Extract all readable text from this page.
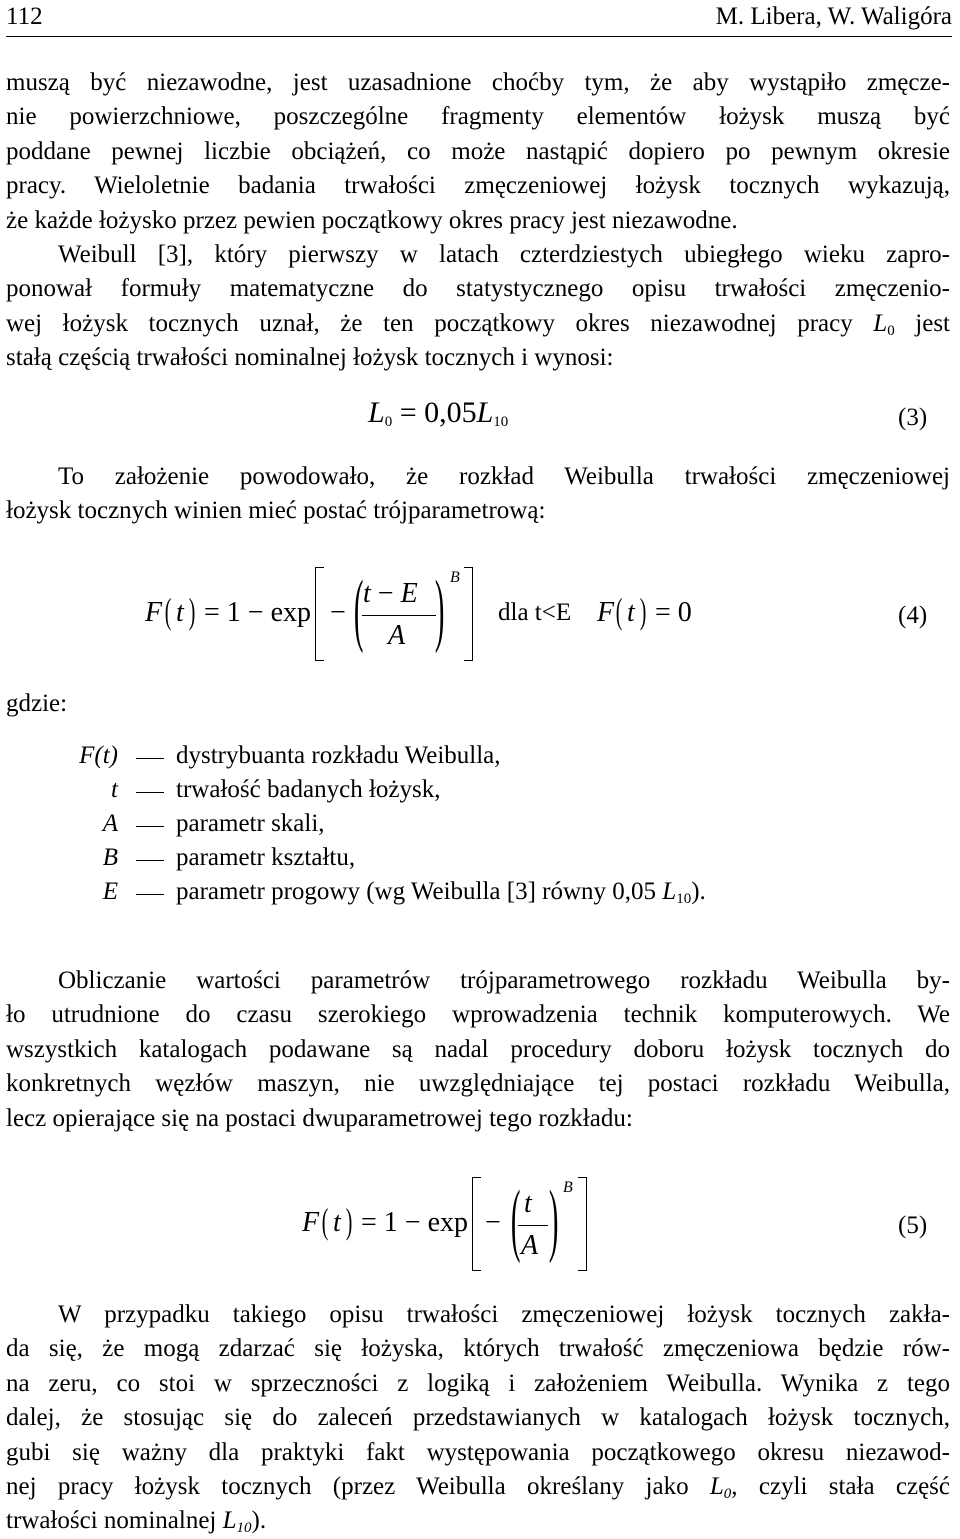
112	M. Libera, W. Waligóra
muszą być niezawodne, jest uzasadnione choćby tym, że aby wystąpiło zmęcze-
nie powierzchniowe, poszczególne fragmenty elementów łożysk muszą być
poddane pewnej liczbie obciążeń, co może nastąpić dopiero po pewnym okresie
pracy. Wieloletnie badania trwałości zmęczeniowej łożysk tocznych wykazują,
że każde łożysko przez pewien początkowy okres pracy jest niezawodne.
Weibull [3], który pierwszy w latach czterdziestych ubiegłego wieku zapro-
ponował formuły matematyczne do statystycznego opisu trwałości zmęczenio-
wej łożysk tocznych uznał, że ten początkowy okres niezawodnej pracy $L_0$ jest
stałą częścią trwałości nominalnej łożysk tocznych i wynosi:
$L_0 = 0,05L_{10}$	(3)
To założenie powodowało, że rozkład Weibulla trwałości zmęczeniowej
łożysk tocznych winien mieć postać trójparametrową:
F ( t ) = 1 − exp − ( t − E
A ) B
dla t<E F ( t ) = 0	(4)
gdzie:
F(t) dystrybuanta rozkładu Weibulla,
t trwałość badanych łożysk,
A parametr skali,
B parametr kształtu,
E parametr progowy (wg Weibulla [3] równy 0,05 $L_{10}$).
Obliczanie wartości parametrów trójparametrowego rozkładu Weibulla by-
ło utrudnione do czasu szerokiego wprowadzenia technik komputerowych. We
wszystkich katalogach podawane są nadal procedury doboru łożysk tocznych do
konkretnych węzłów maszyn, nie uwzględniające tej postaci rozkładu Weibulla,
lecz opierające się na postaci dwuparametrowej tego rozkładu:
F ( t ) = 1 − exp − ( t
A ) B
(5)
W przypadku takiego opisu trwałości zmęczeniowej łożysk tocznych zakła-
da się, że mogą zdarzać się łożyska, których trwałość zmęczeniowa będzie rów-
na zeru, co stoi w sprzeczności z logiką i założeniem Weibulla. Wynika z tego
dalej, że stosując się do zaleceń przedstawianych w katalogach łożysk tocznych,
gubi się ważny dla praktyki fakt występowania początkowego okresu niezawod-
nej pracy łożysk tocznych (przez Weibulla określany jako $L_0$, czyli stała część
trwałości nominalnej $L_{10}$).
